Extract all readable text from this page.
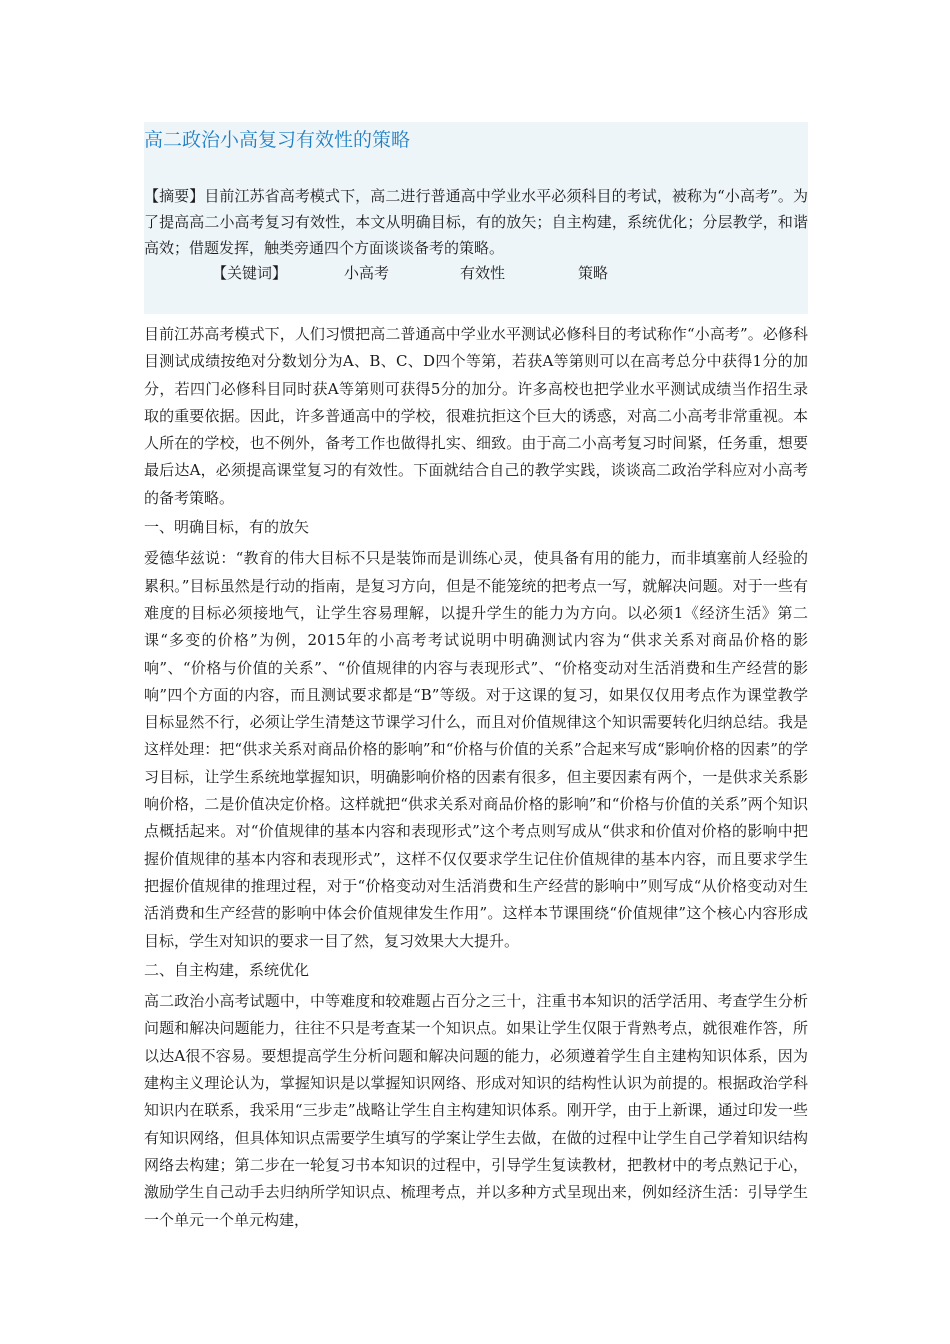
高二政治小高复习有效性的策略

【摘要】目前江苏省高考模式下，高二进行普通高中学业水平必须科目的考试，被称为“小高考”。为了提高高二小高考复习有效性，本文从明确目标，有的放矢；自主构建，系统优化；分层教学，和谐高效；借题发挥，触类旁通四个方面谈谈备考的策略。

【关键词】	小高考	有效性	策略

目前江苏高考模式下，人们习惯把高二普通高中学业水平测试必修科目的考试称作“小高考”。必修科目测试成绩按绝对分数划分为A、B、C、D四个等第，若获A等第则可以在高考总分中获得1分的加分，若四门必修科目同时获A等第则可获得5分的加分。许多高校也把学业水平测试成绩当作招生录取的重要依据。因此，许多普通高中的学校，很难抗拒这个巨大的诱惑，对高二小高考非常重视。本人所在的学校，也不例外，备考工作也做得扎实、细致。由于高二小高考复习时间紧，任务重，想要最后达A，必须提高课堂复习的有效性。下面就结合自己的教学实践，谈谈高二政治学科应对小高考的备考策略。

一、明确目标，有的放矢

爱德华兹说：“教育的伟大目标不只是装饰而是训练心灵，使具备有用的能力，而非填塞前人经验的累积。”目标虽然是行动的指南，是复习方向，但是不能笼统的把考点一写，就解决问题。对于一些有难度的目标必须接地气，让学生容易理解，以提升学生的能力为方向。以必须1《经济生活》第二课“多变的价格”为例，2015年的小高考考试说明中明确测试内容为“供求关系对商品价格的影响”、“价格与价值的关系”、“价值规律的内容与表现形式”、“价格变动对生活消费和生产经营的影响”四个方面的内容，而且测试要求都是“B”等级。对于这课的复习，如果仅仅用考点作为课堂教学目标显然不行，必须让学生清楚这节课学习什么，而且对价值规律这个知识需要转化归纳总结。我是这样处理：把“供求关系对商品价格的影响”和“价格与价值的关系”合起来写成“影响价格的因素”的学习目标，让学生系统地掌握知识，明确影响价格的因素有很多，但主要因素有两个，一是供求关系影响价格，二是价值决定价格。这样就把“供求关系对商品价格的影响”和“价格与价值的关系”两个知识点概括起来。对“价值规律的基本内容和表现形式”这个考点则写成从“供求和价值对价格的影响中把握价值规律的基本内容和表现形式”，这样不仅仅要求学生记住价值规律的基本内容，而且要求学生把握价值规律的推理过程，对于“价格变动对生活消费和生产经营的影响中”则写成“从价格变动对生活消费和生产经营的影响中体会价值规律发生作用”。这样本节课围绕“价值规律”这个核心内容形成目标，学生对知识的要求一目了然，复习效果大大提升。

二、自主构建，系统优化

高二政治小高考试题中，中等难度和较难题占百分之三十，注重书本知识的活学活用、考查学生分析问题和解决问题能力，往往不只是考查某一个知识点。如果让学生仅限于背熟考点，就很难作答，所以达A很不容易。要想提高学生分析问题和解决问题的能力，必须遵着学生自主建构知识体系，因为建构主义理论认为，掌握知识是以掌握知识网络、形成对知识的结构性认识为前提的。根据政治学科知识内在联系，我采用“三步走”战略让学生自主构建知识体系。刚开学，由于上新课，通过印发一些有知识网络，但具体知识点需要学生填写的学案让学生去做，在做的过程中让学生自己学着知识结构网络去构建；第二步在一轮复习书本知识的过程中，引导学生复读教材，把教材中的考点熟记于心，激励学生自己动手去归纳所学知识点、梳理考点，并以多种方式呈现出来，例如经济生活：引导学生一个单元一个单元构建，
